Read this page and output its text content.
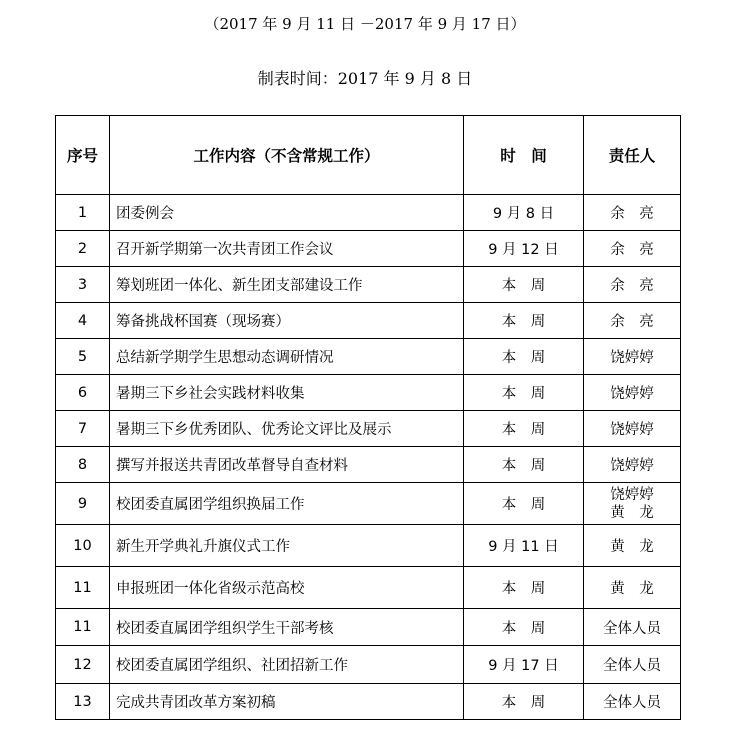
（2017 年 9 月 11 日 －2017 年 9 月 17 日）
制表时间：2017 年 9 月 8 日
序号	工作内容（不含常规工作）	时　间	责任人
1	团委例会	9 月 8 日	余　亮
2	召开新学期第一次共青团工作会议	9 月 12 日	余　亮
3	筹划班团一体化、新生团支部建设工作	本　周	余　亮
4	筹备挑战杯国赛（现场赛）	本　周	余　亮
5	总结新学期学生思想动态调研情况	本　周	饶婷婷
6	暑期三下乡社会实践材料收集	本　周	饶婷婷
7	暑期三下乡优秀团队、优秀论文评比及展示	本　周	饶婷婷
8	撰写并报送共青团改革督导自查材料	本　周	饶婷婷
9	校团委直属团学组织换届工作	本　周	饶婷婷
黄　龙

10	新生开学典礼升旗仪式工作	9 月 11 日	黄　龙
11	申报班团一体化省级示范高校	本　周	黄　龙
11	校团委直属团学组织学生干部考核	本　周	全体人员
12	校团委直属团学组织、社团招新工作	9 月 17 日	全体人员
13	完成共青团改革方案初稿	本　周	全体人员
